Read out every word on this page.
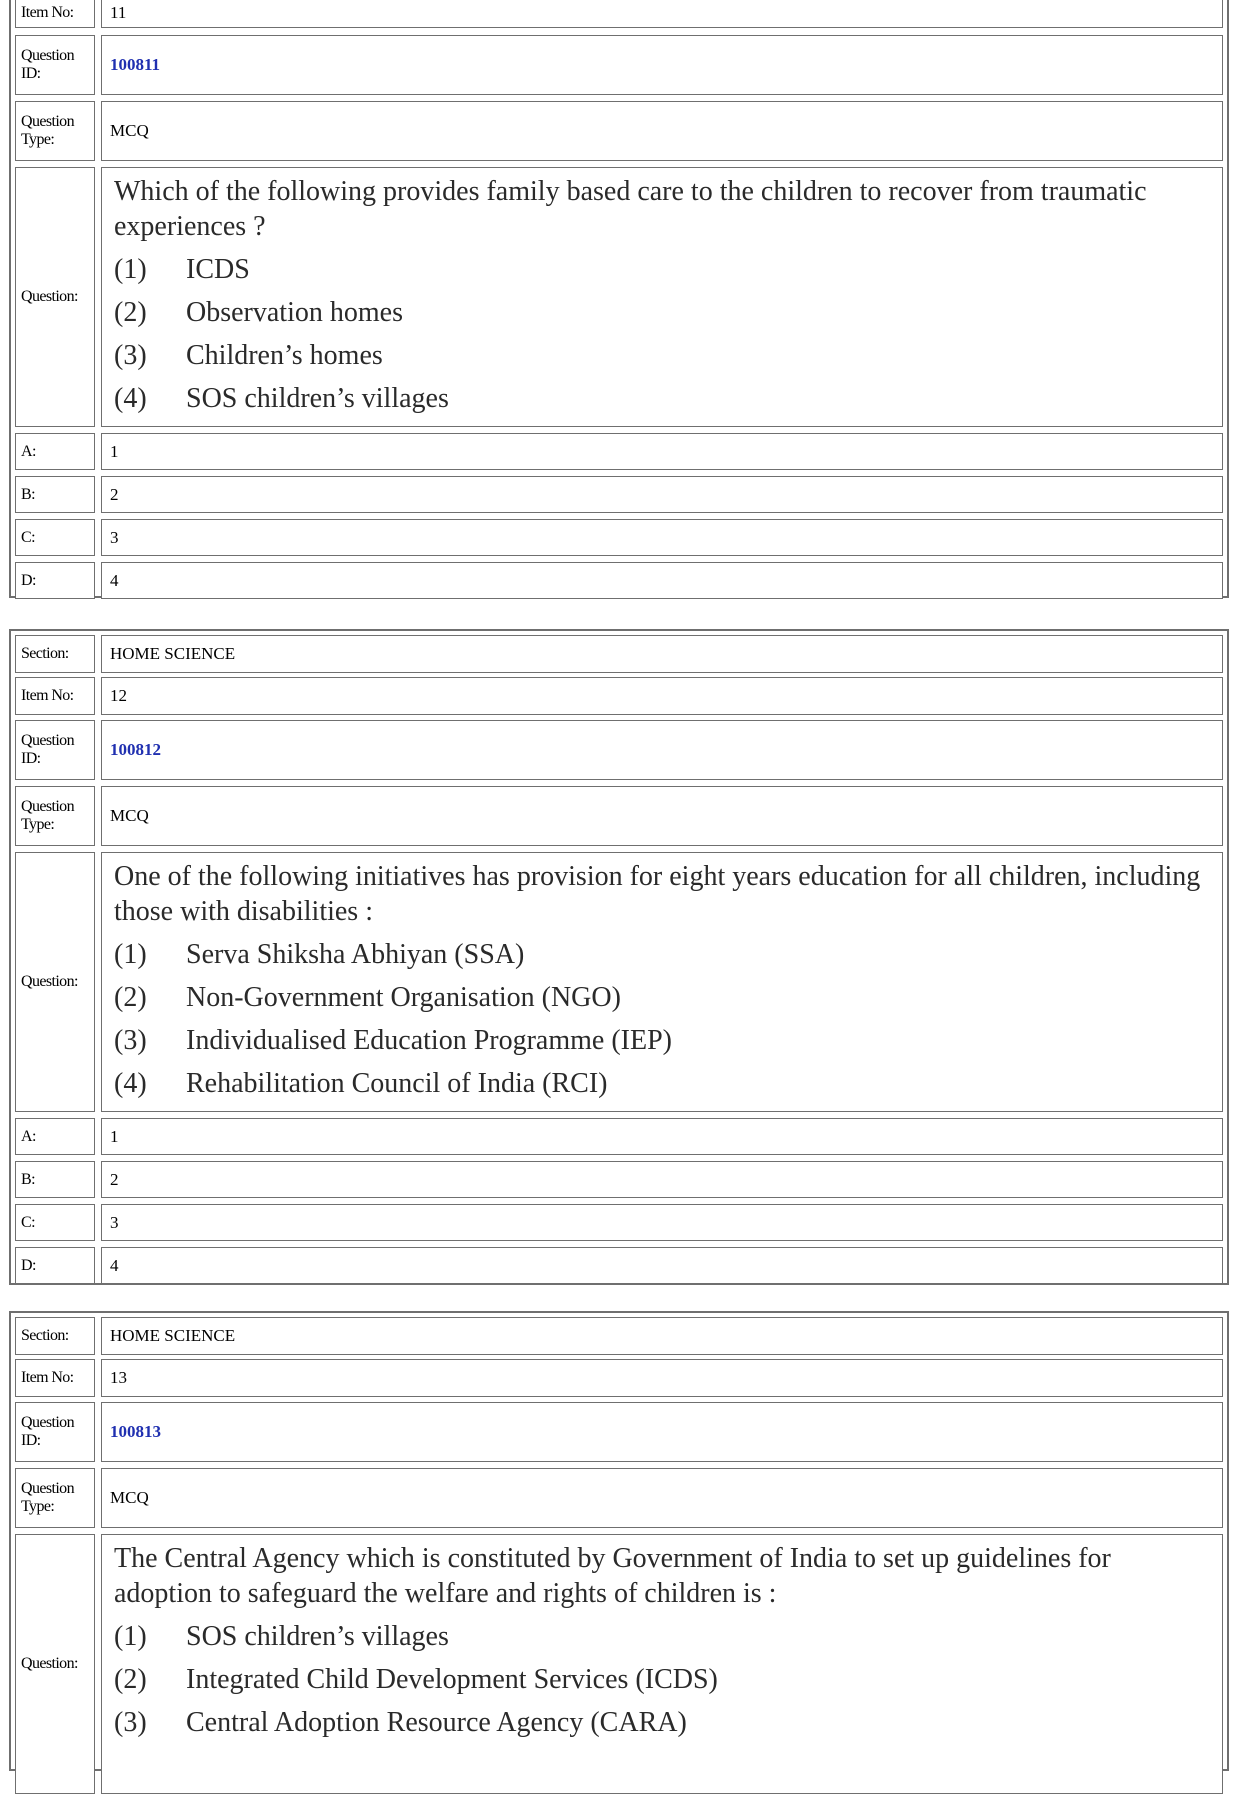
Item No:	11
Question ID:	100811
Question Type:	MCQ
Question:
Which of the following provides family based care to the children to recover from traumatic experiences ?
(1)	ICDS
(2)	Observation homes
(3)	Children’s homes
(4)	SOS children’s villages
A:	1
B:	2
C:	3
D:	4
Section:	HOME SCIENCE
Item No:	12
Question ID:	100812
Question Type:	MCQ
Question:
One of the following initiatives has provision for eight years education for all children, including those with disabilities :
(1)	Serva Shiksha Abhiyan (SSA)
(2)	Non-Government Organisation (NGO)
(3)	Individualised Education Programme (IEP)
(4)	Rehabilitation Council of India (RCI)
A:	1
B:	2
C:	3
D:	4
Section:	HOME SCIENCE
Item No:	13
Question ID:	100813
Question Type:	MCQ
Question:
The Central Agency which is constituted by Government of India to set up guidelines for adoption to safeguard the welfare and rights of children is :
(1)	SOS children’s villages
(2)	Integrated Child Development Services (ICDS)
(3)	Central Adoption Resource Agency (CARA)
